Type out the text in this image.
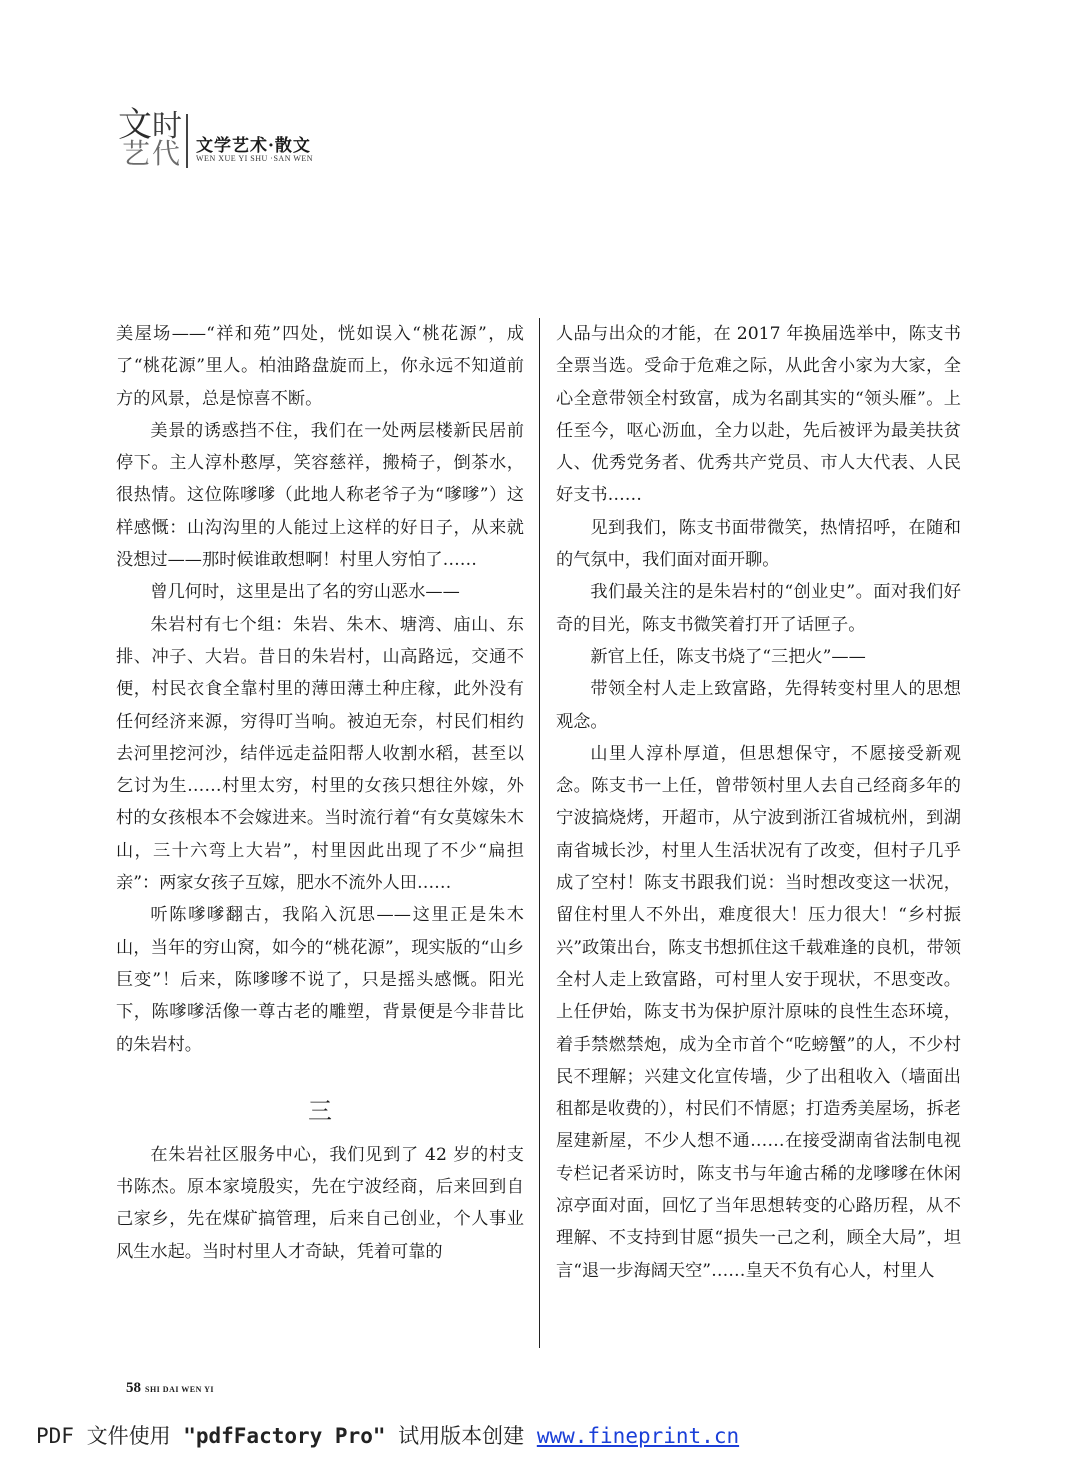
文 时
艺 代 文学艺术·散文
WEN XUE YI SHU ·SAN WEN

美屋场——“祥和苑”四处，恍如误入“桃花源”，成了“桃花源”里人。柏油路盘旋而上，你永远不知道前方的风景，总是惊喜不断。

美景的诱惑挡不住，我们在一处两层楼新民居前停下。主人淳朴憨厚，笑容慈祥，搬椅子，倒茶水，很热情。这位陈嗲嗲（此地人称老爷子为“嗲嗲”）这样感慨：山沟沟里的人能过上这样的好日子，从来就没想过——那时候谁敢想啊！村里人穷怕了……

曾几何时，这里是出了名的穷山恶水——

朱岩村有七个组：朱岩、朱木、塘湾、庙山、东排、冲子、大岩。昔日的朱岩村，山高路远，交通不便，村民衣食全靠村里的薄田薄土种庄稼，此外没有任何经济来源，穷得叮当响。被迫无奈，村民们相约去河里挖河沙，结伴远走益阳帮人收割水稻，甚至以乞讨为生……村里太穷，村里的女孩只想往外嫁，外村的女孩根本不会嫁进来。当时流行着“有女莫嫁朱木山，三十六弯上大岩”，村里因此出现了不少“扁担亲”：两家女孩子互嫁，肥水不流外人田……

听陈嗲嗲翻古，我陷入沉思——这里正是朱木山，当年的穷山窝，如今的“桃花源”，现实版的“山乡巨变”！后来，陈嗲嗲不说了，只是摇头感慨。阳光下，陈嗲嗲活像一尊古老的雕塑，背景便是今非昔比的朱岩村。

三

在朱岩社区服务中心，我们见到了 42 岁的村支书陈杰。原本家境殷实，先在宁波经商，后来回到自己家乡，先在煤矿搞管理，后来自己创业，个人事业风生水起。当时村里人才奇缺，凭着可靠的

人品与出众的才能，在 2017 年换届选举中，陈支书全票当选。受命于危难之际，从此舍小家为大家，全心全意带领全村致富，成为名副其实的“领头雁”。上任至今，呕心沥血，全力以赴，先后被评为最美扶贫人、优秀党务者、优秀共产党员、市人大代表、人民好支书……

见到我们，陈支书面带微笑，热情招呼，在随和的气氛中，我们面对面开聊。

我们最关注的是朱岩村的“创业史”。面对我们好奇的目光，陈支书微笑着打开了话匣子。

新官上任，陈支书烧了“三把火”——

带领全村人走上致富路，先得转变村里人的思想观念。

山里人淳朴厚道，但思想保守，不愿接受新观念。陈支书一上任，曾带领村里人去自己经商多年的宁波搞烧烤，开超市，从宁波到浙江省城杭州，到湖南省城长沙，村里人生活状况有了改变，但村子几乎成了空村！陈支书跟我们说：当时想改变这一状况，留住村里人不外出，难度很大！压力很大！“乡村振兴”政策出台，陈支书想抓住这千载难逢的良机，带领全村人走上致富路，可村里人安于现状，不思变改。上任伊始，陈支书为保护原汁原味的良性生态环境，着手禁燃禁炮，成为全市首个“吃螃蟹”的人，不少村民不理解；兴建文化宣传墙，少了出租收入（墙面出租都是收费的），村民们不情愿；打造秀美屋场，拆老屋建新屋，不少人想不通……在接受湖南省法制电视专栏记者采访时，陈支书与年逾古稀的龙嗲嗲在休闲凉亭面对面，回忆了当年思想转变的心路历程，从不理解、不支持到甘愿“损失一己之利，顾全大局”，坦言“退一步海阔天空”……皇天不负有心人，村里人

58 SHI DAI WEN YI
PDF 文件使用 "pdfFactory Pro" 试用版本创建 www.fineprint.cn
